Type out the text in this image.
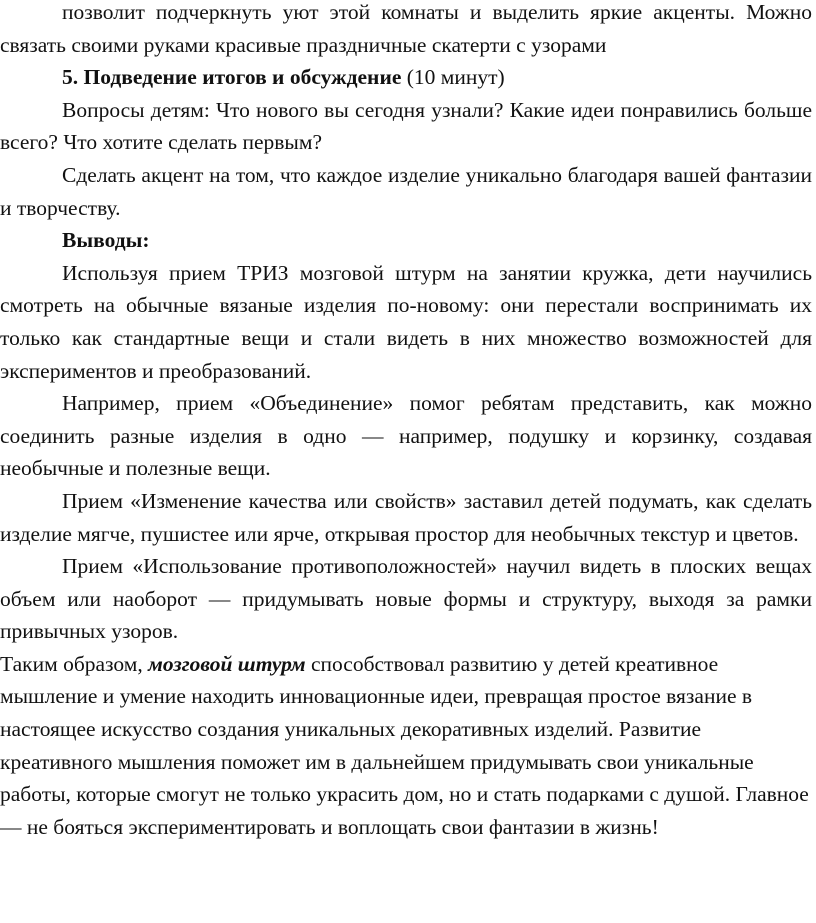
позволит подчеркнуть уют этой комнаты и выделить яркие акценты. Можно связать своими руками красивые праздничные скатерти с узорами

5. Подведение итогов и обсуждение (10 минут)

Вопросы детям: Что нового вы сегодня узнали? Какие идеи понравились больше всего? Что хотите сделать первым?

Сделать акцент на том, что каждое изделие уникально благодаря вашей фантазии и творчеству.

Выводы:

Используя прием ТРИЗ мозговой штурм на занятии кружка, дети научились смотреть на обычные вязаные изделия по-новому: они перестали воспринимать их только как стандартные вещи и стали видеть в них множество возможностей для экспериментов и преобразований.

Например, прием «Объединение» помог ребятам представить, как можно соединить разные изделия в одно — например, подушку и корзинку, создавая необычные и полезные вещи.

Прием «Изменение качества или свойств» заставил детей подумать, как сделать изделие мягче, пушистее или ярче, открывая простор для необычных текстур и цветов.

Прием «Использование противоположностей» научил видеть в плоских вещах объем или наоборот — придумывать новые формы и структуру, выходя за рамки привычных узоров.

Таким образом, мозговой штурм способствовал развитию у детей креативное мышление и умение находить инновационные идеи, превращая простое вязание в настоящее искусство создания уникальных декоративных изделий. Развитие креативного мышления поможет им в дальнейшем придумывать свои уникальные работы, которые смогут не только украсить дом, но и стать подарками с душой. Главное — не бояться экспериментировать и воплощать свои фантазии в жизнь!
